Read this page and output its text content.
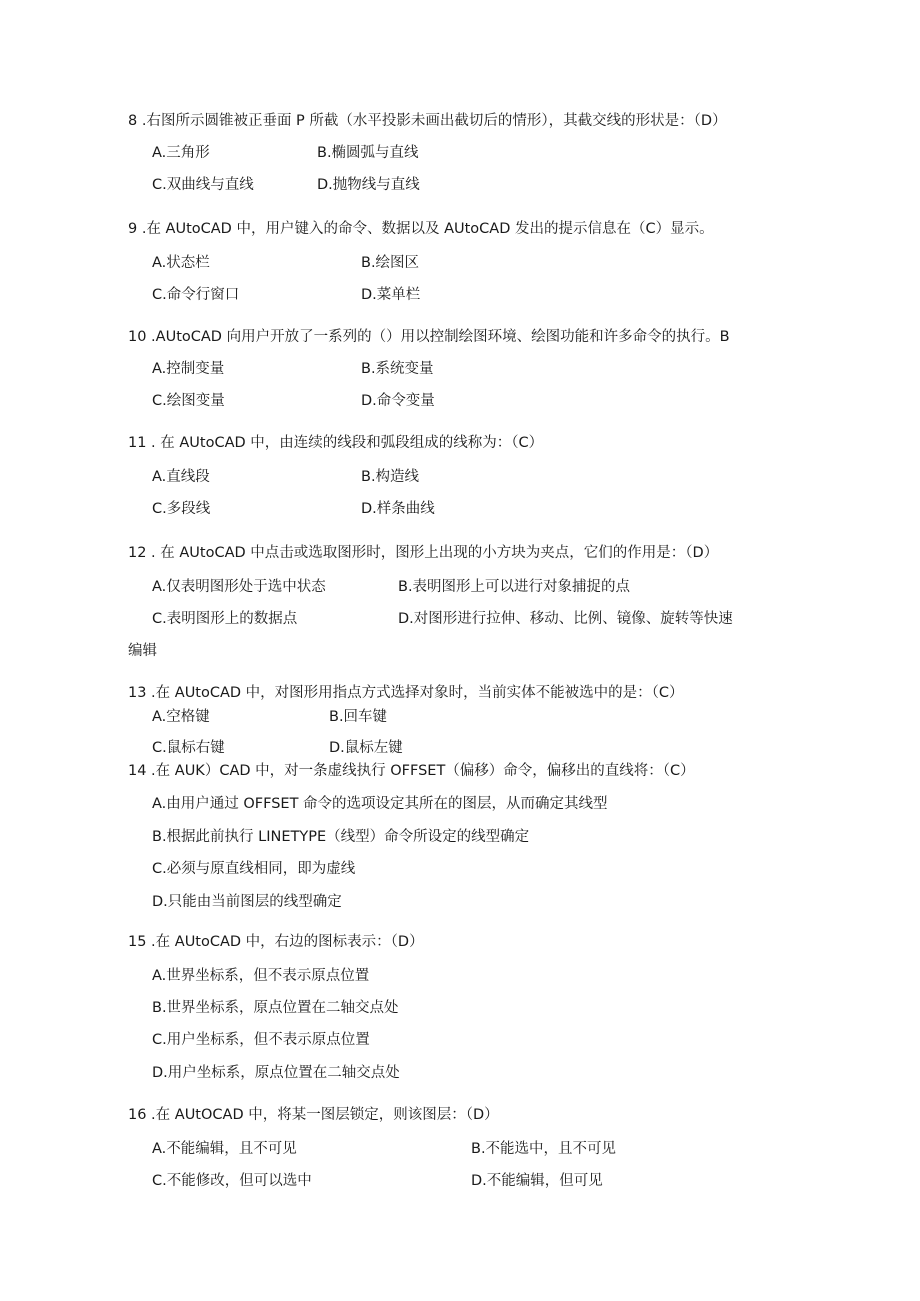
8 .右图所示圆锥被正垂面 P 所截（水平投影未画出截切后的情形），其截交线的形状是：（D）
A.三角形	B.椭圆弧与直线
C.双曲线与直线	D.抛物线与直线
9 .在 AUtoCAD 中，用户键入的命令、数据以及 AUtoCAD 发出的提示信息在（C）显示。
A.状态栏	B.绘图区
C.命令行窗口	D.菜单栏
10 .AUtoCAD 向用户开放了一系列的（）用以控制绘图环境、绘图功能和许多命令的执行。B
A.控制变量	B.系统变量
C.绘图变量	D.命令变量
11 . 在 AUtoCAD 中，由连续的线段和弧段组成的线称为：（C）
A.直线段	B.构造线
C.多段线	D.样条曲线
12 . 在 AUtoCAD 中点击或选取图形时，图形上出现的小方块为夹点，它们的作用是：（D）
A.仅表明图形处于选中状态	B.表明图形上可以进行对象捕捉的点
C.表明图形上的数据点	D.对图形进行拉伸、移动、比例、镜像、旋转等快速
编辑
13 .在 AUtoCAD 中，对图形用指点方式选择对象时，当前实体不能被选中的是：（C）
A.空格键	B.回车键
C.鼠标右键	D.鼠标左键
14 .在 AUK）CAD 中，对一条虚线执行 OFFSET（偏移）命令，偏移出的直线将：（C）
A.由用户通过 OFFSET 命令的选项设定其所在的图层，从而确定其线型
B.根据此前执行 LINETYPE（线型）命令所设定的线型确定
C.必须与原直线相同，即为虚线
D.只能由当前图层的线型确定
15 .在 AUtoCAD 中，右边的图标表示：（D）
A.世界坐标系，但不表示原点位置
B.世界坐标系，原点位置在二轴交点处
C.用户坐标系，但不表示原点位置
D.用户坐标系，原点位置在二轴交点处
16 .在 AUtOCAD 中，将某一图层锁定，则该图层：（D）
A.不能编辑，且不可见	B.不能选中，且不可见
C.不能修改，但可以选中	D.不能编辑，但可见
